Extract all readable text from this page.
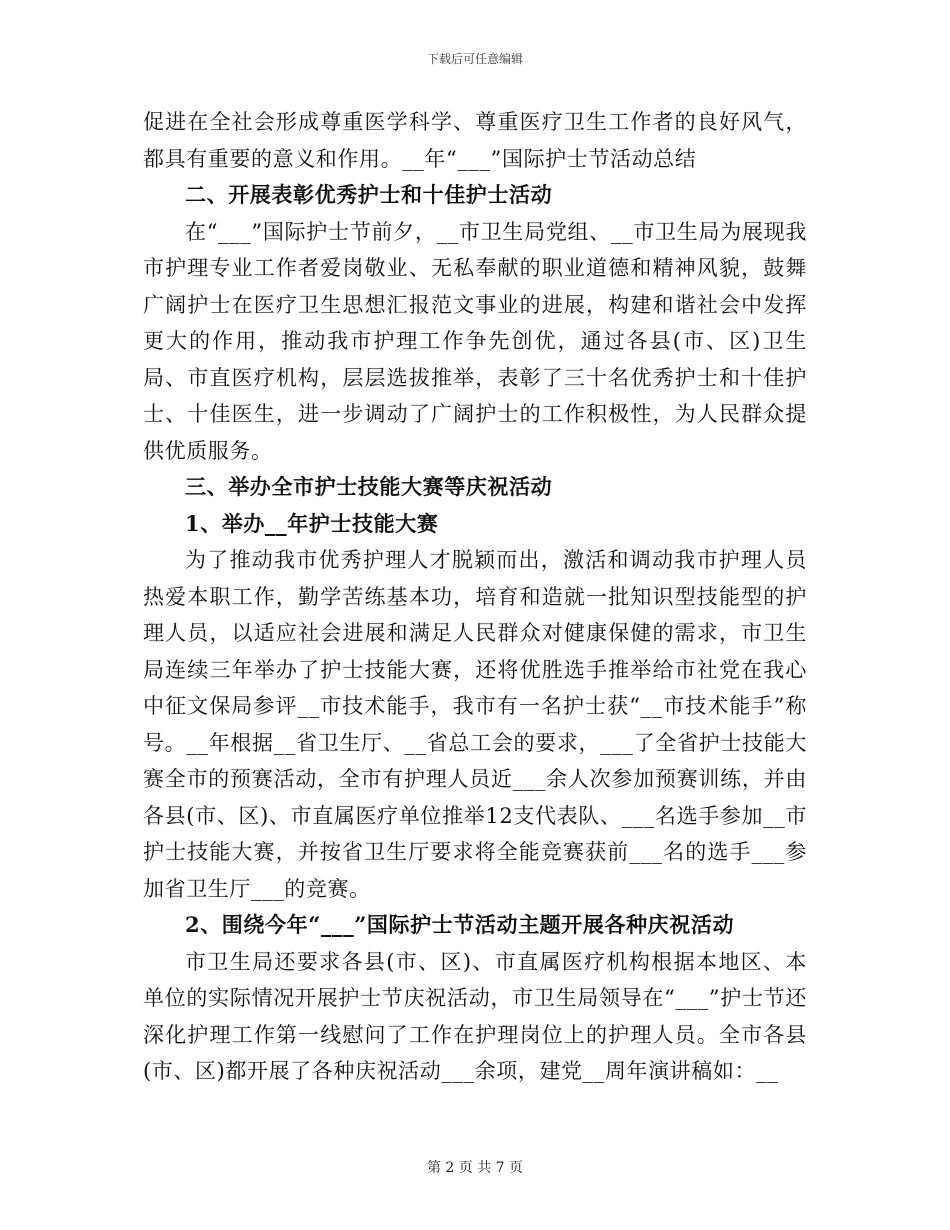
下载后可任意编辑

促进在全社会形成尊重医学科学、尊重医疗卫生工作者的良好风气，都具有重要的意义和作用。__年“___”国际护士节活动总结

二、开展表彰优秀护士和十佳护士活动

在“___”国际护士节前夕，__市卫生局党组、__市卫生局为展现我市护理专业工作者爱岗敬业、无私奉献的职业道德和精神风貌，鼓舞广阔护士在医疗卫生思想汇报范文事业的进展，构建和谐社会中发挥更大的作用，推动我市护理工作争先创优，通过各县(市、区)卫生局、市直医疗机构，层层选拔推举，表彰了三十名优秀护士和十佳护士、十佳医生，进一步调动了广阔护士的工作积极性，为人民群众提供优质服务。

三、举办全市护士技能大赛等庆祝活动

1、举办__年护士技能大赛

为了推动我市优秀护理人才脱颖而出，激活和调动我市护理人员热爱本职工作，勤学苦练基本功，培育和造就一批知识型技能型的护理人员，以适应社会进展和满足人民群众对健康保健的需求，市卫生局连续三年举办了护士技能大赛，还将优胜选手推举给市社党在我心中征文保局参评__市技术能手，我市有一名护士获“__市技术能手”称号。__年根据__省卫生厅、__省总工会的要求，___了全省护士技能大赛全市的预赛活动，全市有护理人员近___余人次参加预赛训练，并由各县(市、区)、市直属医疗单位推举12支代表队、___名选手参加__市护士技能大赛，并按省卫生厅要求将全能竞赛获前___名的选手___参加省卫生厅___的竞赛。

2、围绕今年“___”国际护士节活动主题开展各种庆祝活动

市卫生局还要求各县(市、区)、市直属医疗机构根据本地区、本单位的实际情况开展护士节庆祝活动，市卫生局领导在“___”护士节还深化护理工作第一线慰问了工作在护理岗位上的护理人员。全市各县(市、区)都开展了各种庆祝活动___余项，建党__周年演讲稿如：__

第 2 页 共 7 页
